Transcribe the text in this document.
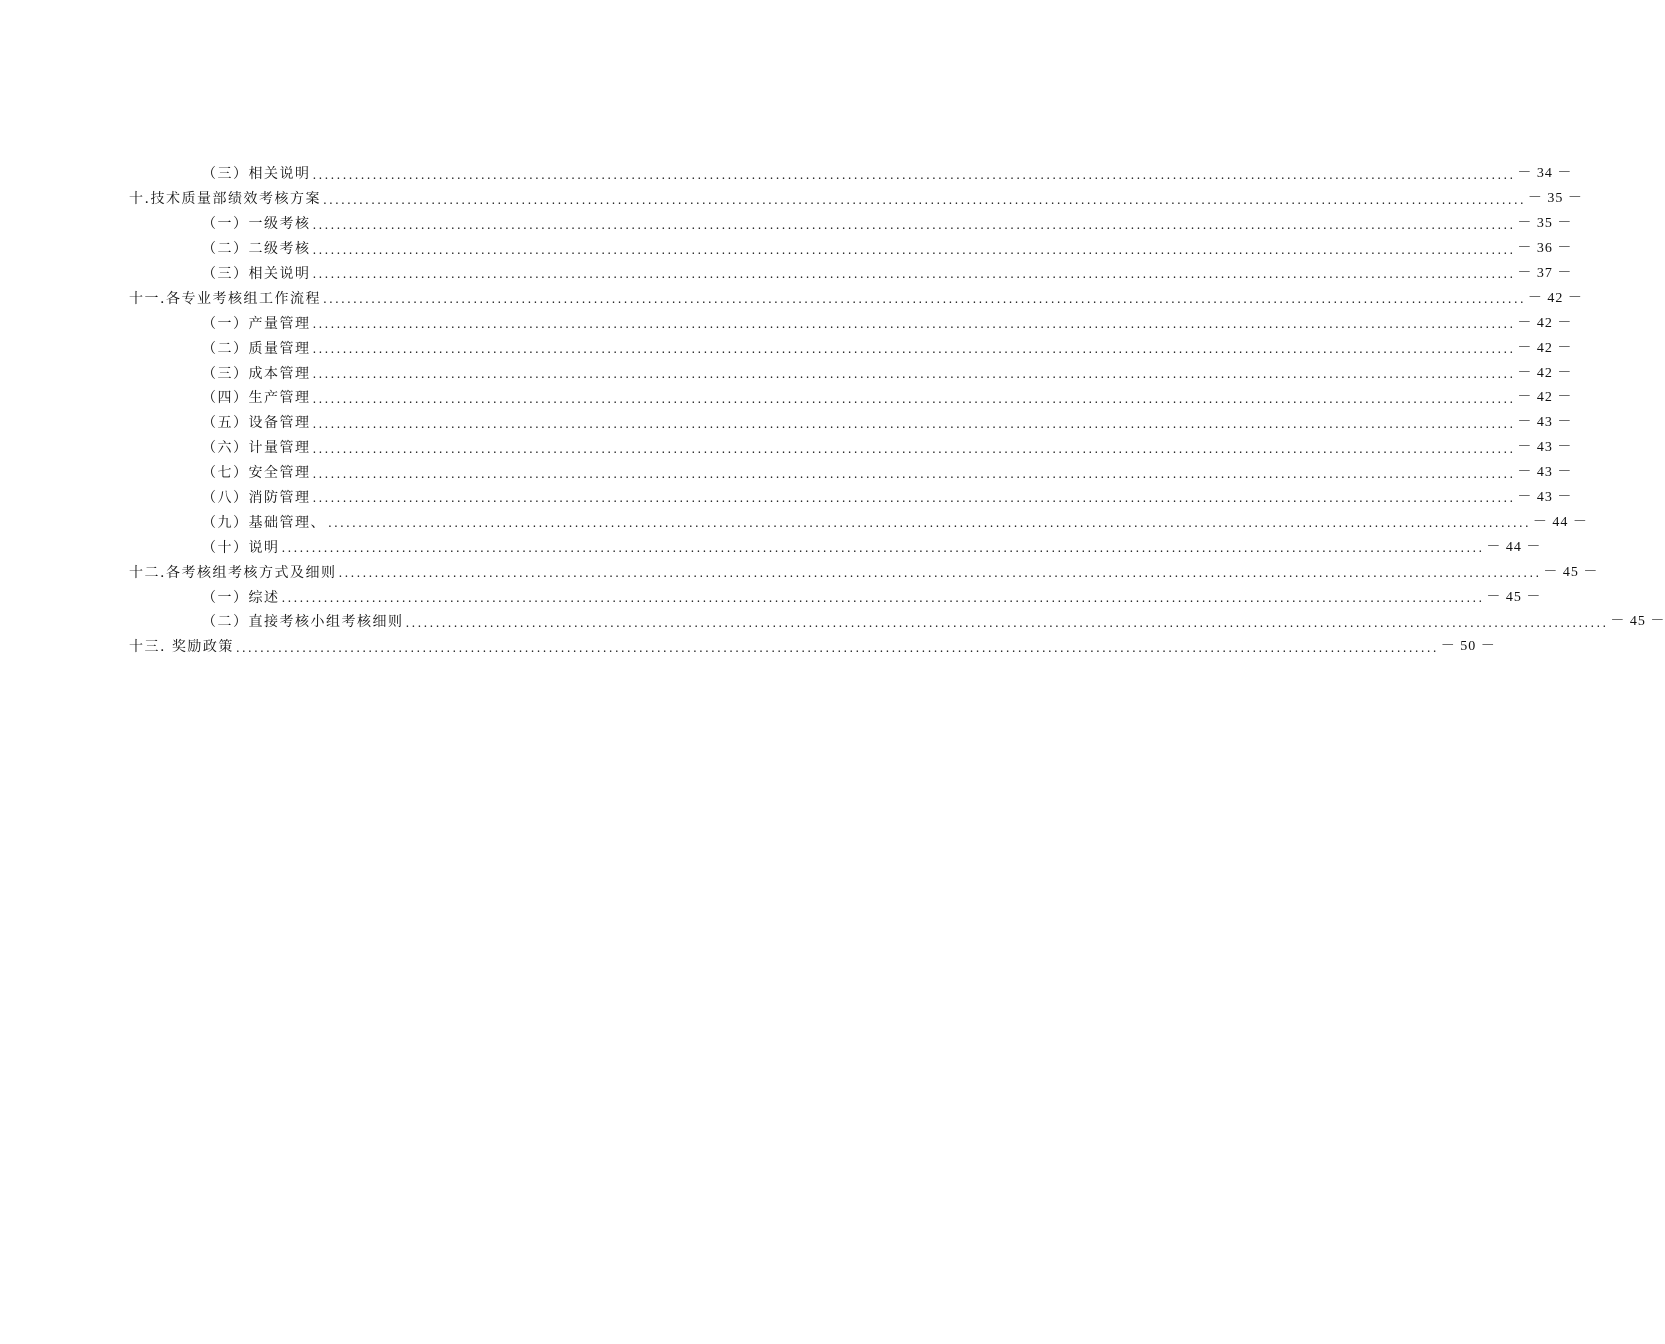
（三）相关说明 ........................................................................................................................................................................................................ － 34 －
十.技术质量部绩效考核方案 ........................................................................................................................................................................................................ － 35 －
（一）一级考核 ........................................................................................................................................................................................................ － 35 －
（二）二级考核 ........................................................................................................................................................................................................ － 36 －
（三）相关说明 ........................................................................................................................................................................................................ － 37 －
十一.各专业考核组工作流程 ........................................................................................................................................................................................................ － 42 －
（一）产量管理 ........................................................................................................................................................................................................ － 42 －
（二）质量管理 ........................................................................................................................................................................................................ － 42 －
（三）成本管理 ........................................................................................................................................................................................................ － 42 －
（四）生产管理 ........................................................................................................................................................................................................ － 42 －
（五）设备管理 ........................................................................................................................................................................................................ － 43 －
（六）计量管理 ........................................................................................................................................................................................................ － 43 －
（七）安全管理 ........................................................................................................................................................................................................ － 43 －
（八）消防管理 ........................................................................................................................................................................................................ － 43 －
（九）基础管理、 ........................................................................................................................................................................................................ － 44 －
（十）说明 ........................................................................................................................................................................................................ － 44 －
十二.各考核组考核方式及细则 ........................................................................................................................................................................................................ － 45 －
（一）综述 ........................................................................................................................................................................................................ － 45 －
（二）直接考核小组考核细则 ........................................................................................................................................................................................................ － 45 －
十三. 奖励政策 ........................................................................................................................................................................................................ － 50 －
